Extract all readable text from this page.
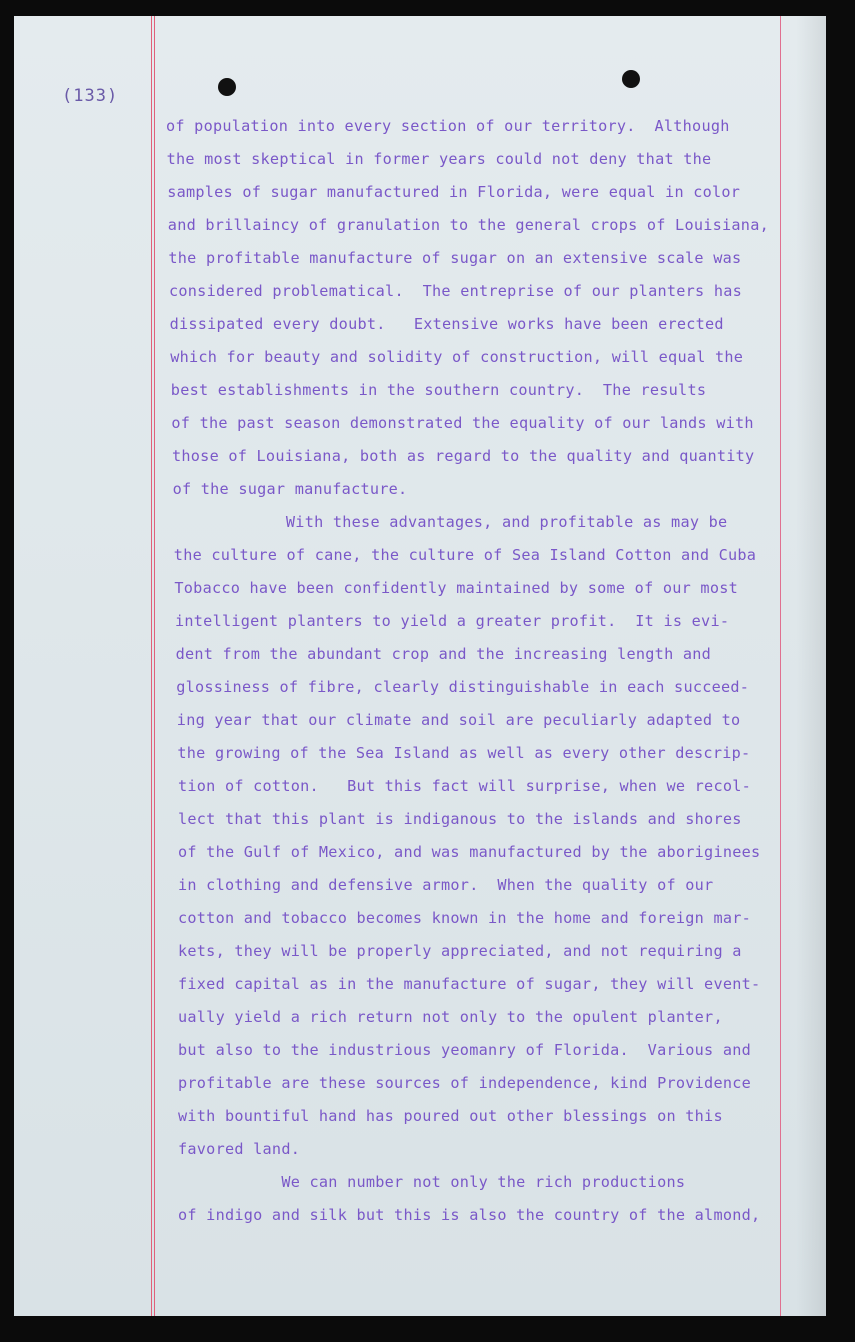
(133)
of population into every section of our territory.  Although
the most skeptical in former years could not deny that the
samples of sugar manufactured in Florida, were equal in color
and brillaincy of granulation to the general crops of Louisiana,
the profitable manufacture of sugar on an extensive scale was
considered problematical.  The entreprise of our planters has
dissipated every doubt.   Extensive works have been erected
which for beauty and solidity of construction, will equal the
best establishments in the southern country.  The results
of the past season demonstrated the equality of our lands with
those of Louisiana, both as regard to the quality and quantity
of the sugar manufacture.
With these advantages, and profitable as may be
the culture of cane, the culture of Sea Island Cotton and Cuba
Tobacco have been confidently maintained by some of our most
intelligent planters to yield a greater profit.  It is evi-
dent from the abundant crop and the increasing length and
glossiness of fibre, clearly distinguishable in each succeed-
ing year that our climate and soil are peculiarly adapted to
the growing of the Sea Island as well as every other descrip-
tion of cotton.   But this fact will surprise, when we recol-
lect that this plant is indiganous to the islands and shores
of the Gulf of Mexico, and was manufactured by the aboriginees
in clothing and defensive armor.  When the quality of our
cotton and tobacco becomes known in the home and foreign mar-
kets, they will be properly appreciated, and not requiring a
fixed capital as in the manufacture of sugar, they will event-
ually yield a rich return not only to the opulent planter,
but also to the industrious yeomanry of Florida.  Various and
profitable are these sources of independence, kind Providence
with bountiful hand has poured out other blessings on this
favored land.
We can number not only the rich productions
of indigo and silk but this is also the country of the almond,
